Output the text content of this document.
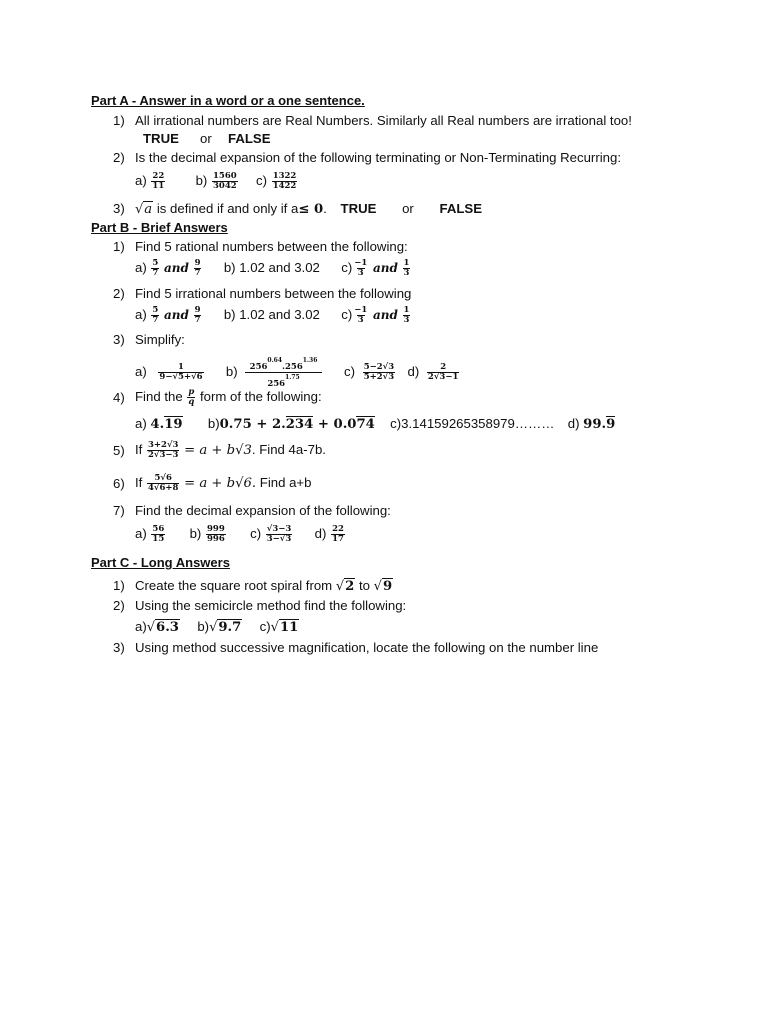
Part A - Answer in a word or a one sentence.
1) All irrational numbers are Real Numbers. Similarly all Real numbers are irrational too!
TRUE or FALSE
2) Is the decimal expansion of the following terminating or Non-Terminating Recurring:
$a) \frac{22}{11} b) \frac{1560}{3042} c) \frac{1322}{1422}$
3) √a is defined if and only if a≤ 0. TRUE or FALSE
Part B - Brief Answers
1) Find 5 rational numbers between the following:
$a) \frac{5}{7}$ and $\frac{9}{7} b$) 1.02 and 3.02 $c) \frac{-1}{3}$ and $\frac{1}{3}$
2) Find 5 irrational numbers between the following
$a) \frac{5}{7}$ and $\frac{9}{7} b$) 1.02 and 3.02 $c) \frac{-1}{3}$ and $\frac{1}{3}$
3) Simplify:
$a) \frac{1}{9-√5+√6} b) \frac{256^{0.64}.256^{1.36}}{256^{1.75}} c) \frac{5-2√3}{5+2√3} d) \frac{2}{2√3-1}$
4) Find the $\frac{p}{q}$ form of the following:
a) 4.19 b)0.75 + 2.234 + 0.074 c)3.14159265358979……… d) 99.9
5) If $\frac{3+2√3}{2√3-3} = a + b√3$. Find 4a-7b.
6) If $\frac{5√6}{4√6+8} = a + b√6$. Find a+b
7) Find the decimal expansion of the following:
$a) \frac{56}{15} b) \frac{999}{996} c) \frac{√3-3}{3-√3} d) \frac{22}{17}$
Part C - Long Answers
1) Create the square root spiral from √2 to √9
2) Using the semicircle method find the following:
a)√6.3 b)√9.7 c)√11
3) Using method successive magnification, locate the following on the number line
